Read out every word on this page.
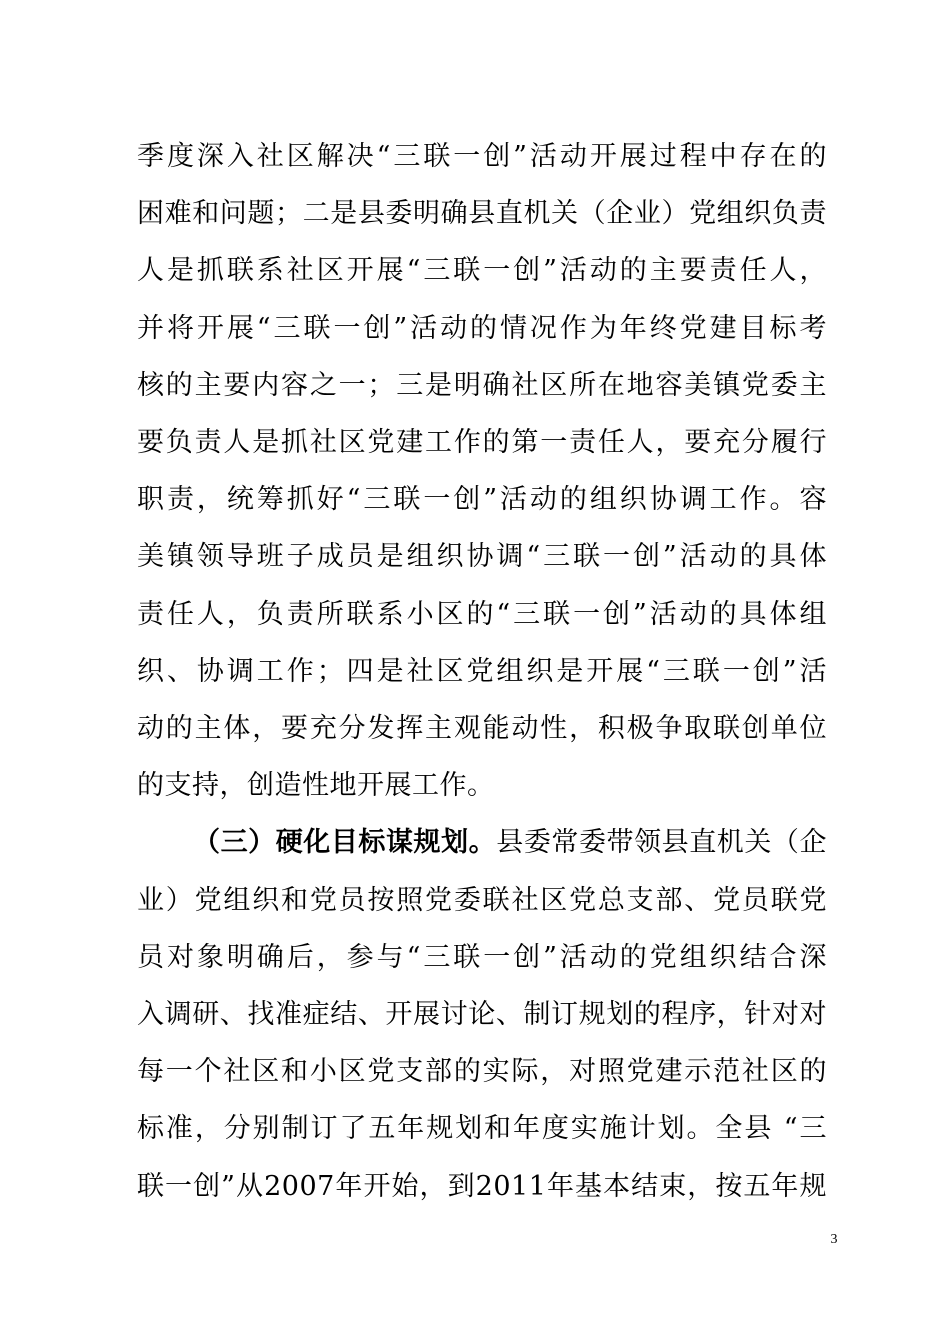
季度深入社区解决“三联一创”活动开展过程中存在的
困难和问题；二是县委明确县直机关（企业）党组织负责
人是抓联系社区开展“三联一创”活动的主要责任人，
并将开展“三联一创”活动的情况作为年终党建目标考
核的主要内容之一；三是明确社区所在地容美镇党委主
要负责人是抓社区党建工作的第一责任人，要充分履行
职责，统筹抓好“三联一创”活动的组织协调工作。容
美镇领导班子成员是组织协调“三联一创”活动的具体
责任人，负责所联系小区的“三联一创”活动的具体组
织、协调工作；四是社区党组织是开展“三联一创”活
动的主体，要充分发挥主观能动性，积极争取联创单位
的支持，创造性地开展工作。

（三）硬化目标谋规划。县委常委带领县直机关（企
业）党组织和党员按照党委联社区党总支部、党员联党
员对象明确后，参与“三联一创”活动的党组织结合深
入调研、找准症结、开展讨论、制订规划的程序，针对对
每一个社区和小区党支部的实际，对照党建示范社区的
标准，分别制订了五年规划和年度实施计划。全县 “三
联一创”从2007年开始，到2011年基本结束，按五年规

3
